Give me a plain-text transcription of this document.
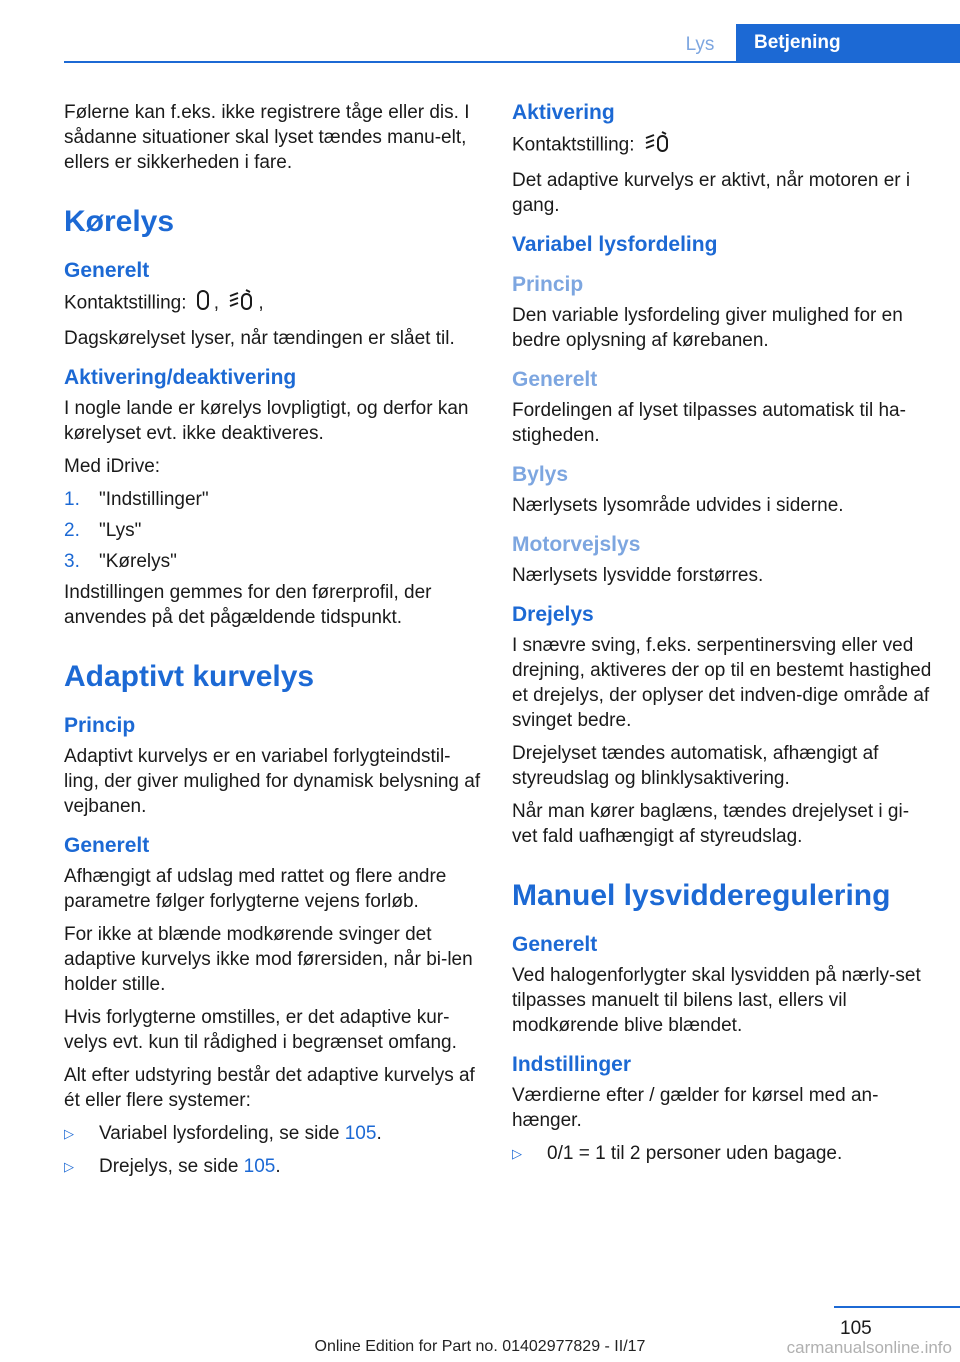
Lys	Betjening

Følerne kan f.eks. ikke registrere tåge eller dis. I sådanne situationer skal lyset tændes manu-elt, ellers er sikkerheden i fare.

Kørelys
Generelt

Kontaktstilling: , ,

Dagskørelyset lyser, når tændingen er slået til.

Aktivering/deaktivering

I nogle lande er kørelys lovpligtigt, og derfor kan kørelyset evt. ikke deaktiveres.

Med iDrive:

1.	"Indstillinger"
2.	"Lys"
3.	"Kørelys"

Indstillingen gemmes for den førerprofil, der anvendes på det pågældende tidspunkt.

Adaptivt kurvelys
Princip

Adaptivt kurvelys er en variabel forlygteindstil-ling, der giver mulighed for dynamisk belysning af vejbanen.

Generelt

Afhængigt af udslag med rattet og flere andre parametre følger forlygterne vejens forløb.

For ikke at blænde modkørende svinger det adaptive kurvelys ikke mod førersiden, når bi-len holder stille.

Hvis forlygterne omstilles, er det adaptive kur-velys evt. kun til rådighed i begrænset omfang.

Alt efter udstyring består det adaptive kurvelys af ét eller flere systemer:

▷	Variabel lysfordeling, se side 105.
▷	Drejelys, se side 105.
Aktivering

Kontaktstilling:

Det adaptive kurvelys er aktivt, når motoren er i gang.

Variabel lysfordeling
Princip

Den variable lysfordeling giver mulighed for en bedre oplysning af kørebanen.

Generelt

Fordelingen af lyset tilpasses automatisk til ha-stigheden.

Bylys

Nærlysets lysområde udvides i siderne.

Motorvejslys

Nærlysets lysvidde forstørres.

Drejelys

I snævre sving, f.eks. serpentinersving eller ved drejning, aktiveres der op til en bestemt hastighed et drejelys, der oplyser det indven-dige område af svinget bedre.

Drejelyset tændes automatisk, afhængigt af styreudslag og blinklysaktivering.

Når man kører baglæns, tændes drejelyset i gi-vet fald uafhængigt af styreudslag.

Manuel lysvidderegulering
Generelt

Ved halogenforlygter skal lysvidden på nærly-set tilpasses manuelt til bilens last, ellers vil modkørende blive blændet.

Indstillinger

Værdierne efter / gælder for kørsel med an-hænger.

▷	0/1 = 1 til 2 personer uden bagage.
105
Online Edition for Part no. 01402977829 - II/17	carmanualsonline.info
